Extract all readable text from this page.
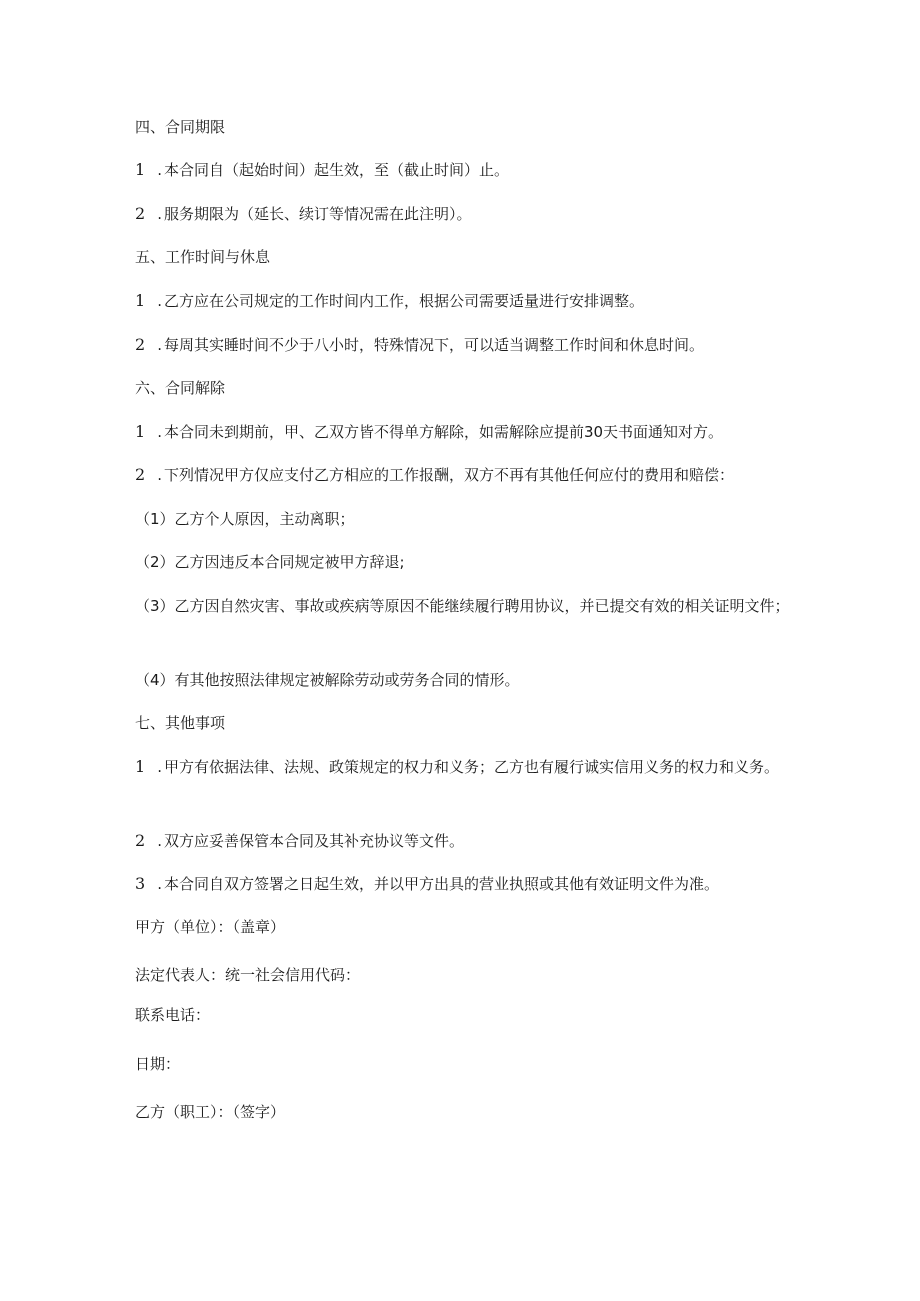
四、合同期限
1 . 本合同自（起始时间）起生效，至（截止时间）止。
2 . 服务期限为（延长、续订等情况需在此注明）。
五、工作时间与休息
1 . 乙方应在公司规定的工作时间内工作，根据公司需要适量进行安排调整。
2 . 每周其实睡时间不少于八小时，特殊情况下，可以适当调整工作时间和休息时间。
六、合同解除
1 . 本合同未到期前，甲、乙双方皆不得单方解除，如需解除应提前30天书面通知对方。
2 . 下列情况甲方仅应支付乙方相应的工作报酬，双方不再有其他任何应付的费用和赔偿：
（1）乙方个人原因，主动离职；
（2）乙方因违反本合同规定被甲方辞退;
（3）乙方因自然灾害、事故或疾病等原因不能继续履行聘用协议，并已提交有效的相关证明文件；
（4）有其他按照法律规定被解除劳动或劳务合同的情形。
七、其他事项
1 . 甲方有依据法律、法规、政策规定的权力和义务；乙方也有履行诚实信用义务的权力和义务。
2 . 双方应妥善保管本合同及其补充协议等文件。
3 . 本合同自双方签署之日起生效，并以甲方出具的营业执照或其他有效证明文件为准。
甲方（单位）：（盖章）
法定代表人：统一社会信用代码：
联系电话：
日期：
乙方（职工）：（签字）
